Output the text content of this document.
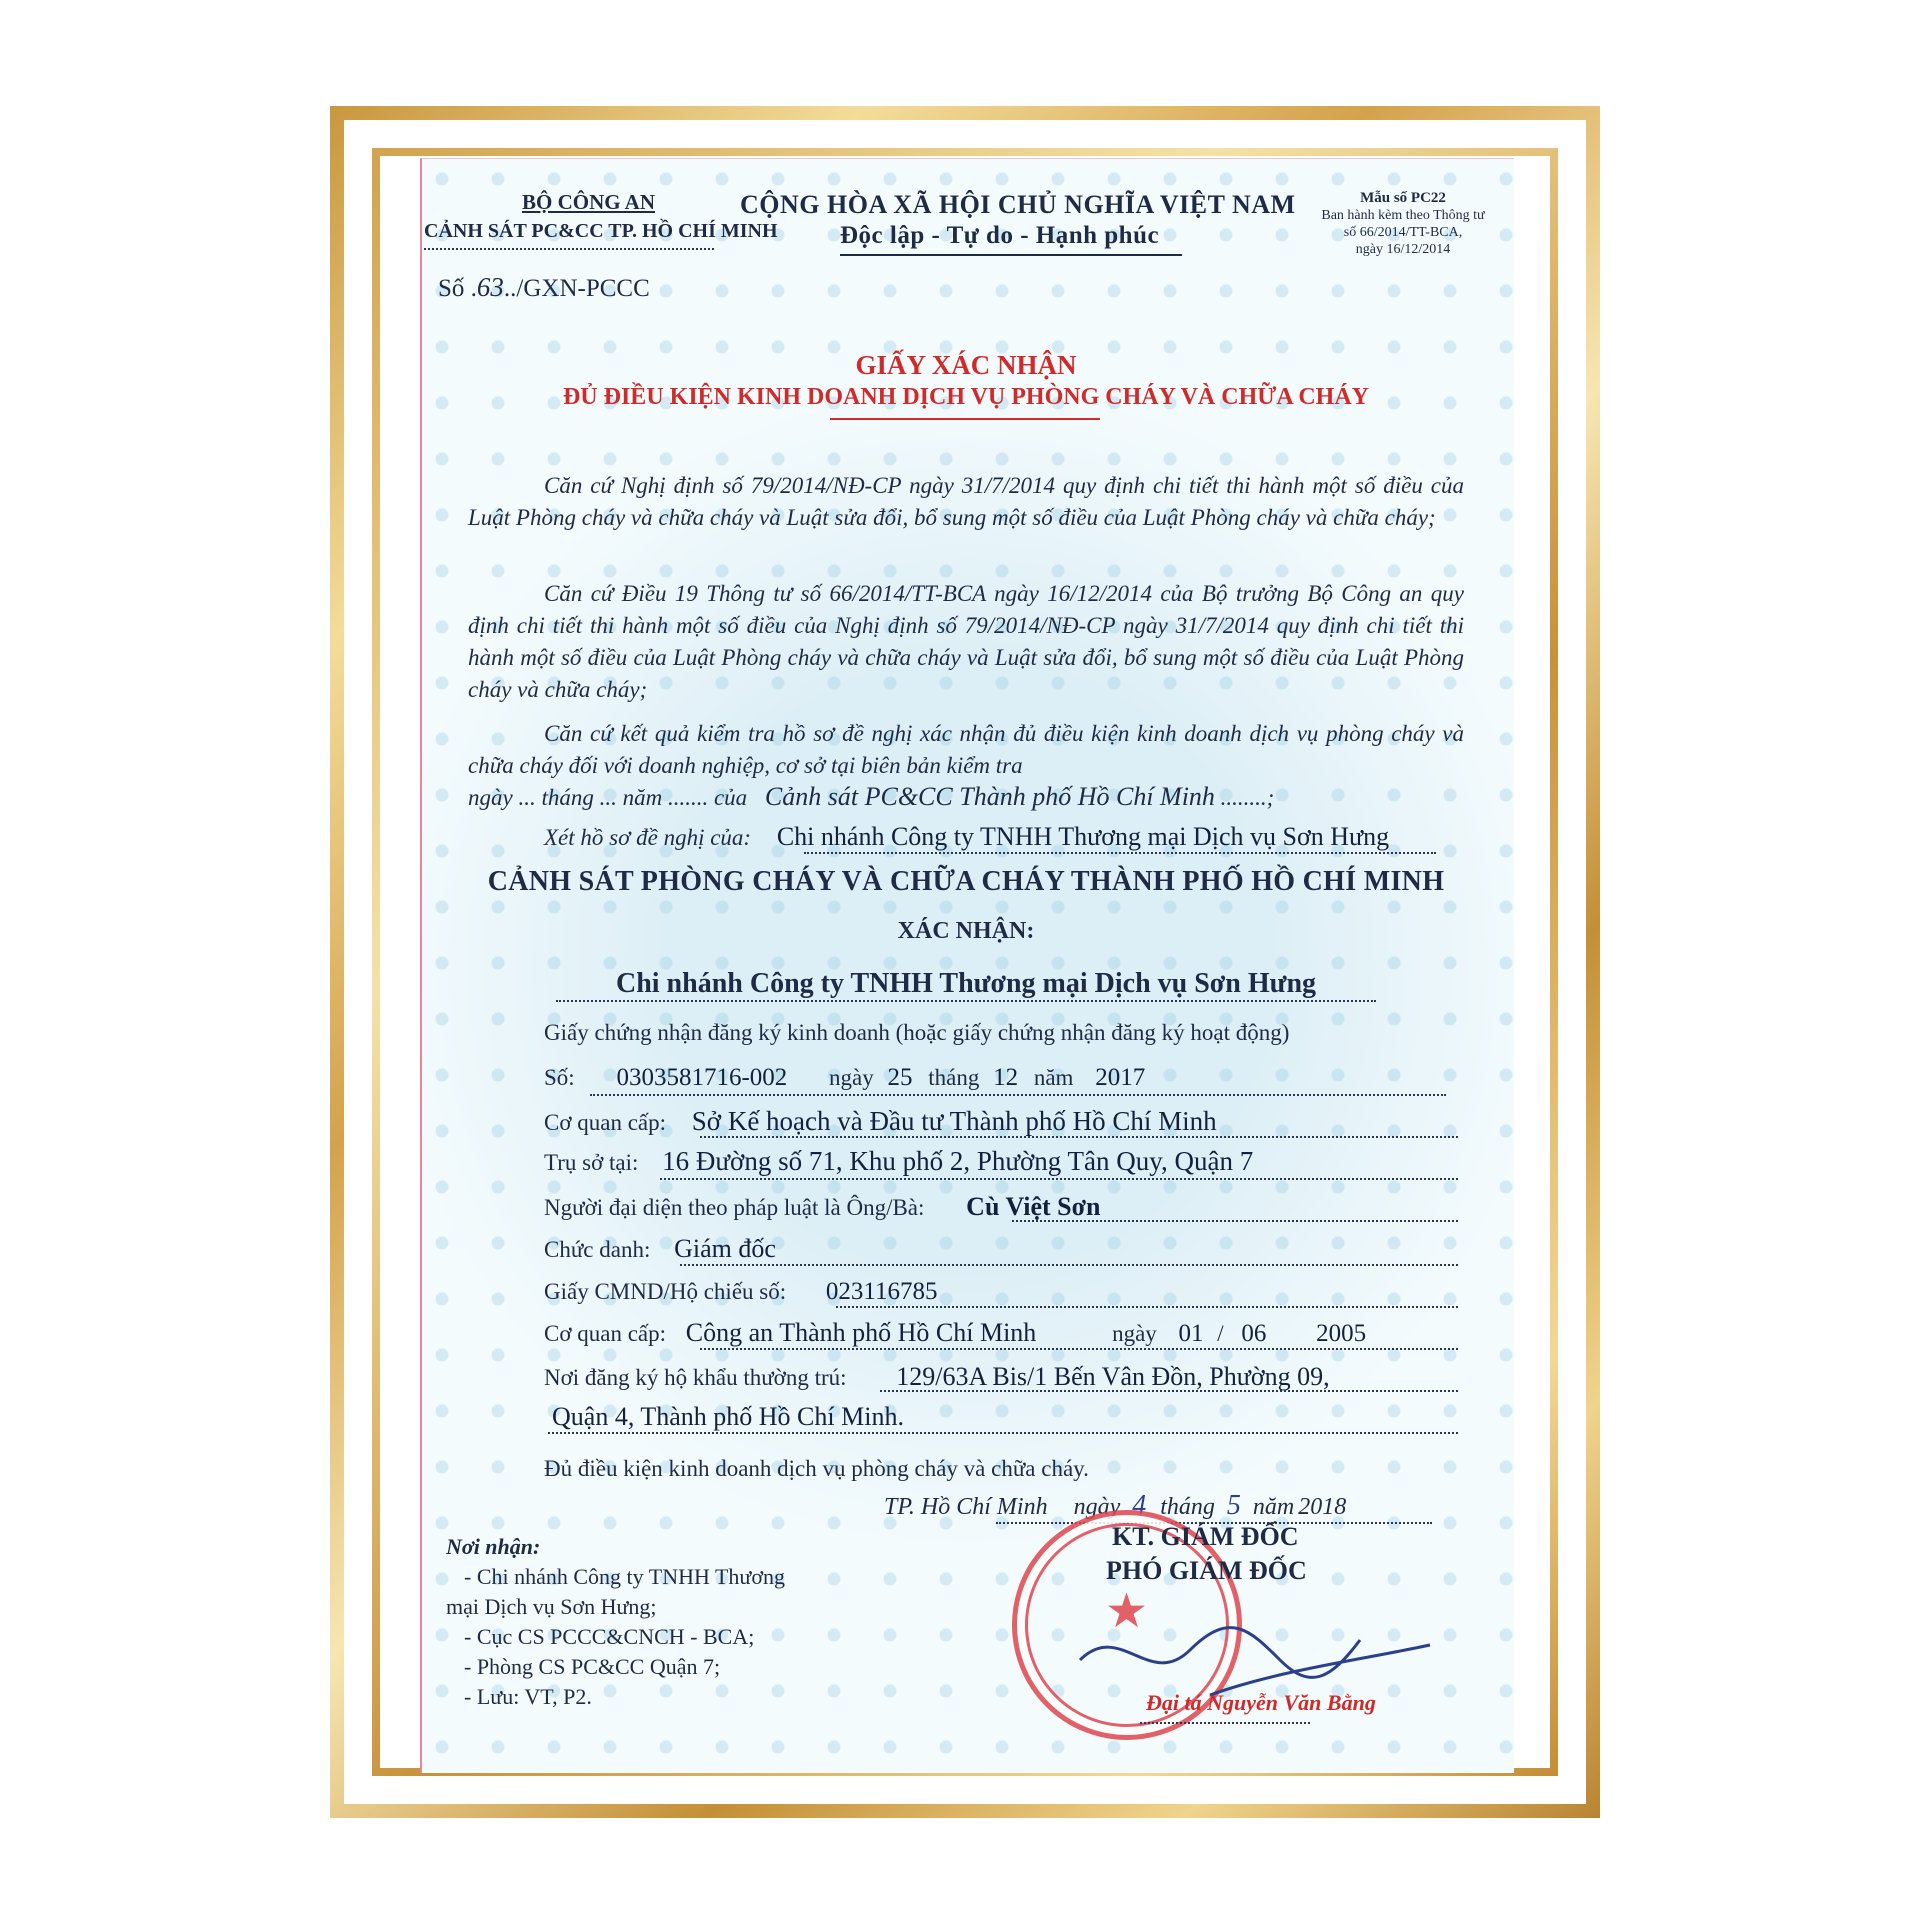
BỘ CÔNG AN
CẢNH SÁT PC&CC TP. HỒ CHÍ MINH
Số .63../GXN-PCCC
CỘNG HÒA XÃ HỘI CHỦ NGHĨA VIỆT NAM
Độc lập - Tự do - Hạnh phúc
Mẫu số PC22
Ban hành kèm theo Thông tư
số 66/2014/TT-BCA,
ngày 16/12/2014
GIẤY XÁC NHẬN
ĐỦ ĐIỀU KIỆN KINH DOANH DỊCH VỤ PHÒNG CHÁY VÀ CHỮA CHÁY
Căn cứ Nghị định số 79/2014/NĐ-CP ngày 31/7/2014 quy định chi tiết thi hành một số điều của Luật Phòng cháy và chữa cháy và Luật sửa đổi, bổ sung một số điều của Luật Phòng cháy và chữa cháy;
Căn cứ Điều 19 Thông tư số 66/2014/TT-BCA ngày 16/12/2014 của Bộ trưởng Bộ Công an quy định chi tiết thi hành một số điều của Nghị định số 79/2014/NĐ-CP ngày 31/7/2014 quy định chi tiết thi hành một số điều của Luật Phòng cháy và chữa cháy và Luật sửa đổi, bổ sung một số điều của Luật Phòng cháy và chữa cháy;
Căn cứ kết quả kiểm tra hồ sơ đề nghị xác nhận đủ điều kiện kinh doanh dịch vụ phòng cháy và chữa cháy đối với doanh nghiệp, cơ sở tại biên bản kiểm tra
ngày ... tháng ... năm ....... của Cảnh sát PC&CC Thành phố Hồ Chí Minh ........;
Xét hồ sơ đề nghị của: Chi nhánh Công ty TNHH Thương mại Dịch vụ Sơn Hưng
CẢNH SÁT PHÒNG CHÁY VÀ CHỮA CHÁY THÀNH PHỐ HỒ CHÍ MINH
XÁC NHẬN:
Chi nhánh Công ty TNHH Thương mại Dịch vụ Sơn Hưng
Giấy chứng nhận đăng ký kinh doanh (hoặc giấy chứng nhận đăng ký hoạt động)
Số: 0303581716-002 ngày 25 tháng 12 năm 2017
Cơ quan cấp: Sở Kế hoạch và Đầu tư Thành phố Hồ Chí Minh
Trụ sở tại: 16 Đường số 71, Khu phố 2, Phường Tân Quy, Quận 7
Người đại diện theo pháp luật là Ông/Bà: Cù Việt Sơn
Chức danh: Giám đốc
Giấy CMND/Hộ chiếu số: 023116785
Cơ quan cấp: Công an Thành phố Hồ Chí Minh	ngày 01 / 06 2005
Nơi đăng ký hộ khẩu thường trú: 129/63A Bis/1 Bến Vân Đồn, Phường 09,
Quận 4, Thành phố Hồ Chí Minh.
Đủ điều kiện kinh doanh dịch vụ phòng cháy và chữa cháy.
TP. Hồ Chí Minh ngày 4 tháng 5 năm 2018
★
KT. GIÁM ĐỐC
PHÓ GIÁM ĐỐC
Đại tá Nguyễn Văn Bằng
Nơi nhận:
- Chi nhánh Công ty TNHH Thương
mại Dịch vụ Sơn Hưng;
- Cục CS PCCC&CNCH - BCA;
- Phòng CS PC&CC Quận 7;
- Lưu: VT, P2.
